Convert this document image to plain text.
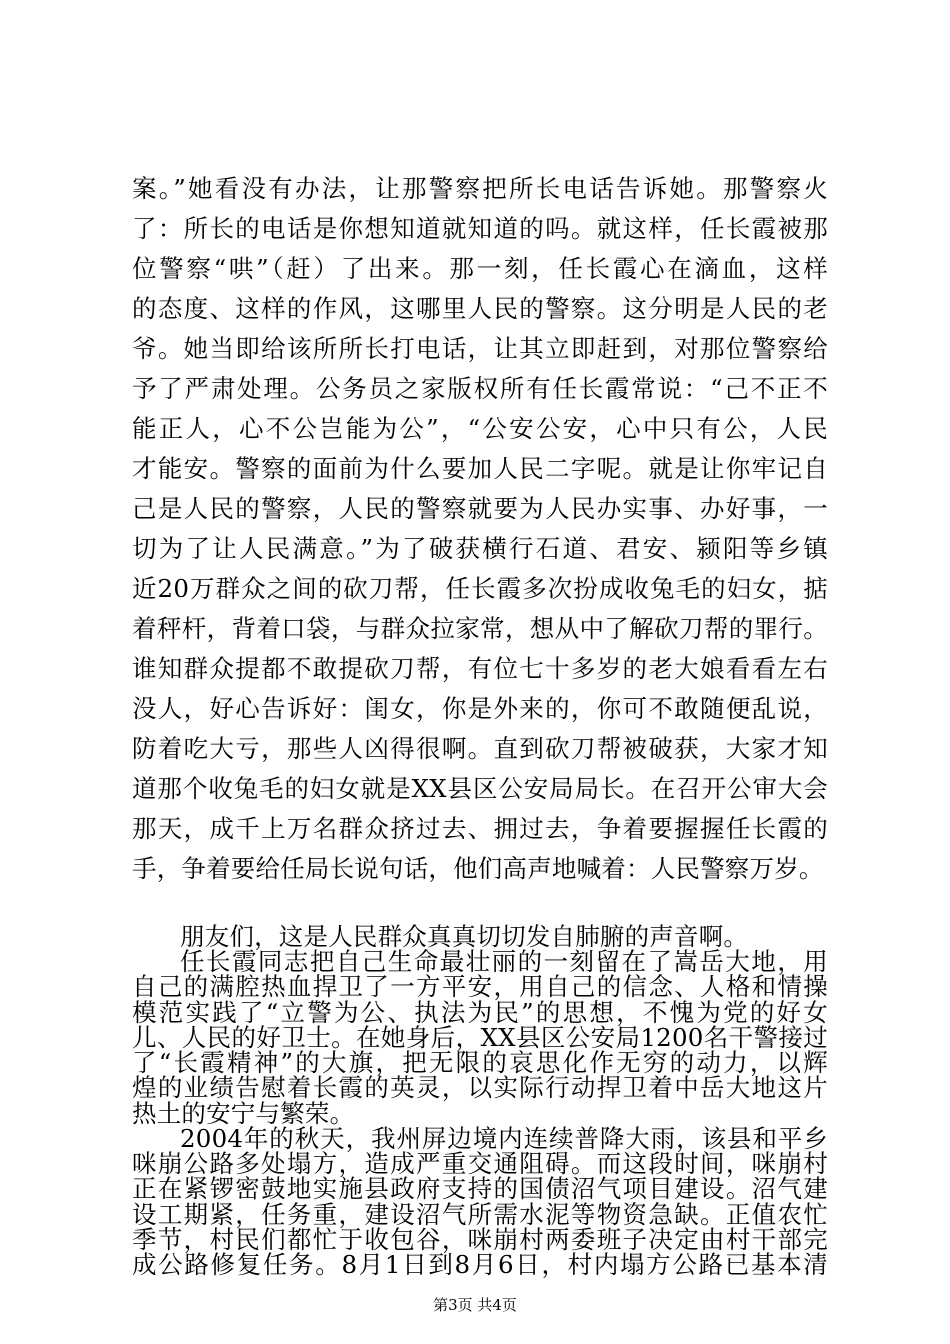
案。”她看没有办法，让那警察把所长电话告诉她。那警察火
了：所长的电话是你想知道就知道的吗。就这样，任长霞被那
位警察“哄”（赶）了出来。那一刻，任长霞心在滴血，这样
的态度、这样的作风，这哪里人民的警察。这分明是人民的老
爷。她当即给该所所长打电话，让其立即赶到，对那位警察给
予了严肃处理。公务员之家版权所有任长霞常说：“己不正不
能正人，心不公岂能为公”，“公安公安，心中只有公，人民
才能安。警察的面前为什么要加人民二字呢。就是让你牢记自
己是人民的警察，人民的警察就要为人民办实事、办好事，一
切为了让人民满意。”为了破获横行石道、君安、颍阳等乡镇
近20万群众之间的砍刀帮，任长霞多次扮成收兔毛的妇女，掂
着秤杆，背着口袋，与群众拉家常，想从中了解砍刀帮的罪行。
谁知群众提都不敢提砍刀帮，有位七十多岁的老大娘看看左右
没人，好心告诉好：闺女，你是外来的，你可不敢随便乱说，
防着吃大亏，那些人凶得很啊。直到砍刀帮被破获，大家才知
道那个收兔毛的妇女就是XX县区公安局局长。在召开公审大会
那天，成千上万名群众挤过去、拥过去，争着要握握任长霞的
手，争着要给任局长说句话，他们高声地喊着：人民警察万岁。
朋友们，这是人民群众真真切切发自肺腑的声音啊。
任长霞同志把自己生命最壮丽的一刻留在了嵩岳大地，用
自己的满腔热血捍卫了一方平安，用自己的信念、人格和情操
模范实践了“立警为公、执法为民”的思想，不愧为党的好女
儿、人民的好卫士。在她身后，XX县区公安局1200名干警接过
了“长霞精神”的大旗，把无限的哀思化作无穷的动力，以辉
煌的业绩告慰着长霞的英灵，以实际行动捍卫着中岳大地这片
热土的安宁与繁荣。
2004年的秋天，我州屏边境内连续普降大雨，该县和平乡
咪崩公路多处塌方，造成严重交通阻碍。而这段时间，咪崩村
正在紧锣密鼓地实施县政府支持的国债沼气项目建设。沼气建
设工期紧，任务重，建设沼气所需水泥等物资急缺。正值农忙
季节，村民们都忙于收包谷，咪崩村两委班子决定由村干部完
成公路修复任务。8月1日到8月6日，村内塌方公路已基本清
第3页 共4页
